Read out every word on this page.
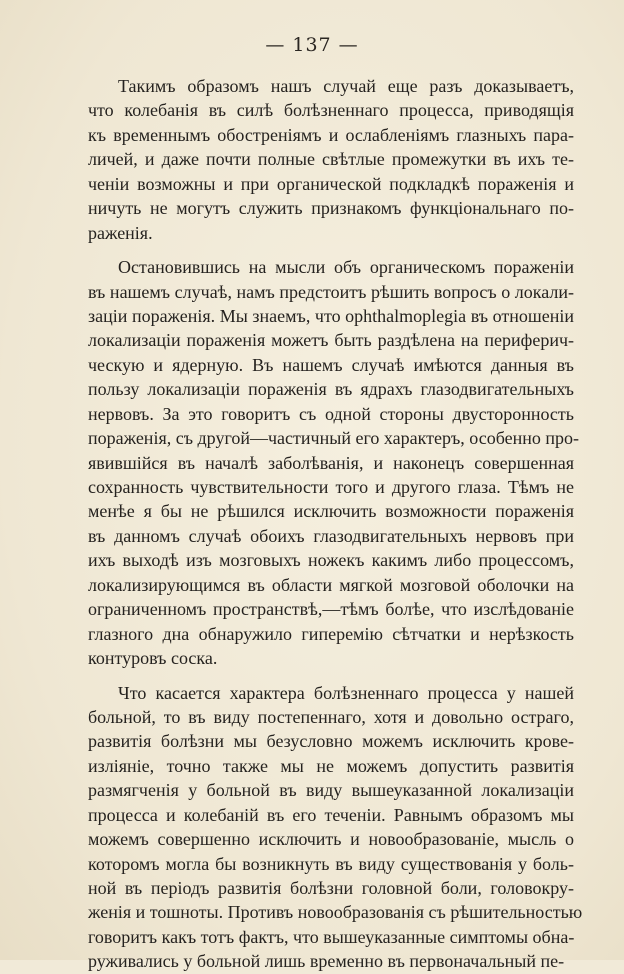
— 137 —
Такимъ образомъ нашъ случай еще разъ доказываетъ,
что колебанія въ силѣ болѣзненнаго процесса, приводящія
къ временнымъ обостреніямъ и ослабленіямъ глазныхъ пара-
личей, и даже почти полные свѣтлые промежутки въ ихъ те-
ченіи возможны и при органической подкладкѣ пораженія и
ничуть не могутъ служить признакомъ функціональнаго по-
раженія.
Остановившись на мысли объ органическомъ пораженіи
въ нашемъ случаѣ, намъ предстоитъ рѣшить вопросъ о локали-
заціи пораженія. Мы знаемъ, что ophthalmoplegia въ отношеніи
локализаціи пораженія можетъ быть раздѣлена на периферич-
ческую и ядерную. Въ нашемъ случаѣ имѣются данныя въ
пользу локализаціи пораженія въ ядрахъ глазодвигательныхъ
нервовъ. За это говоритъ съ одной стороны двусторонность
пораженія, съ другой—частичный его характеръ, особенно про-
явившійся въ началѣ заболѣванія, и наконецъ совершенная
сохранность чувствительности того и другого глаза. Тѣмъ не
менѣе я бы не рѣшился исключить возможности пораженія
въ данномъ случаѣ обоихъ глазодвигательныхъ нервовъ при
ихъ выходѣ изъ мозговыхъ ножекъ какимъ либо процессомъ,
локализирующимся въ области мягкой мозговой оболочки на
ограниченномъ пространствѣ,—тѣмъ болѣе, что изслѣдованіе
глазного дна обнаружило гиперемію сѣтчатки и нерѣзкость
контуровъ соска.
Что касается характера болѣзненнаго процесса у нашей
больной, то въ виду постепеннаго, хотя и довольно остраго,
развитія болѣзни мы безусловно можемъ исключить крове-
изліяніе, точно также мы не можемъ допустить развитія
размягченія у больной въ виду вышеуказанной локализаціи
процесса и колебаній въ его теченіи. Равнымъ образомъ мы
можемъ совершенно исключить и новообразованіе, мысль о
которомъ могла бы возникнуть въ виду существованія у боль-
ной въ періодъ развитія болѣзни головной боли, головокру-
женія и тошноты. Противъ новообразованія съ рѣшительностью
говоритъ какъ тотъ фактъ, что вышеуказанные симптомы обна-
руживались у больной лишь временно въ первоначальный пе-
